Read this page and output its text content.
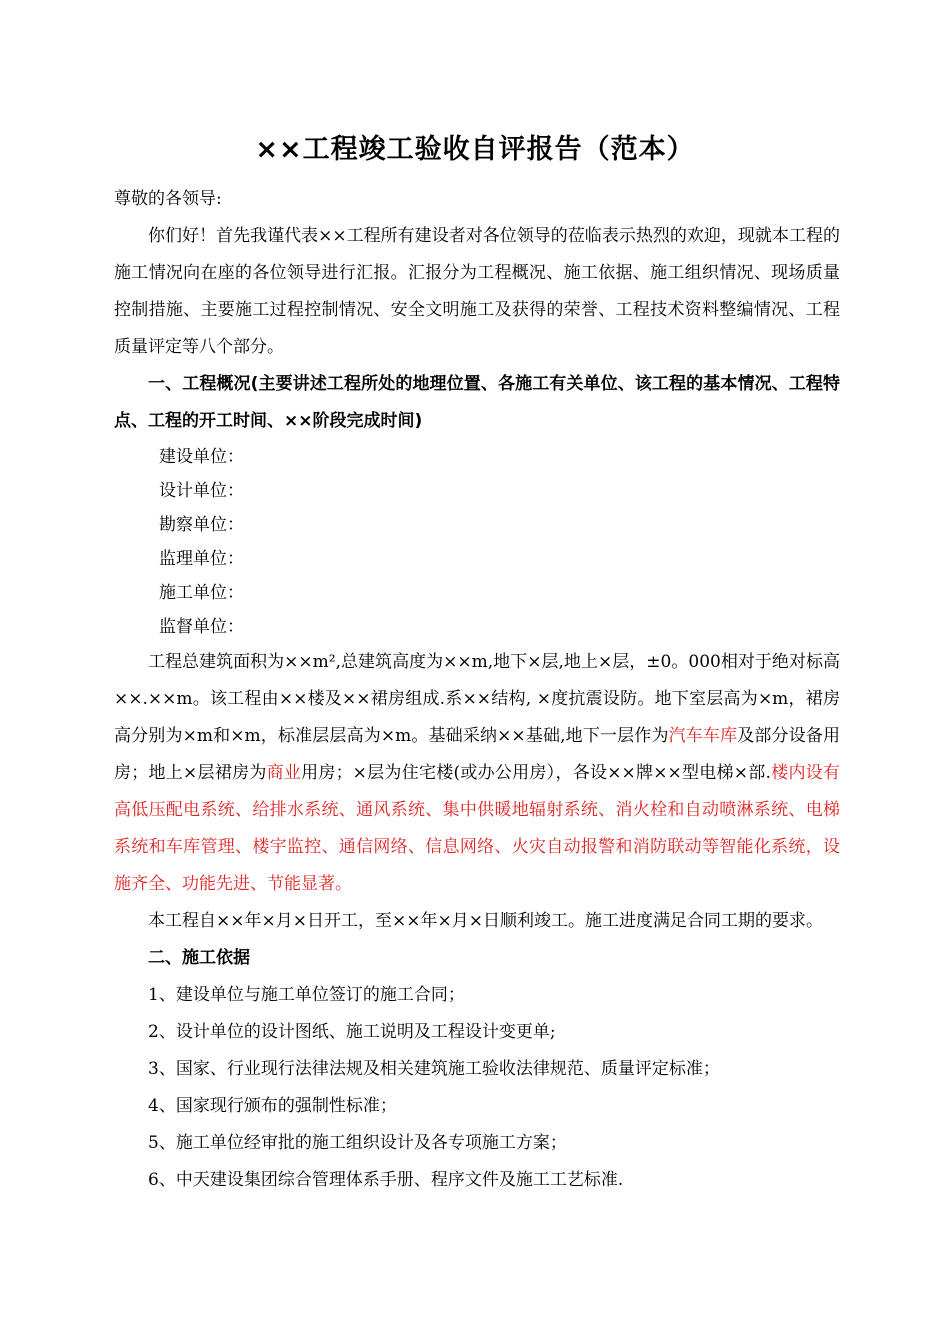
××工程竣工验收自评报告（范本）

尊敬的各领导:

你们好！首先我谨代表××工程所有建设者对各位领导的莅临表示热烈的欢迎，现就本工程的施工情况向在座的各位领导进行汇报。汇报分为工程概况、施工依据、施工组织情况、现场质量控制措施、主要施工过程控制情况、安全文明施工及获得的荣誉、工程技术资料整编情况、工程质量评定等八个部分。

一、工程概况(主要讲述工程所处的地理位置、各施工有关单位、该工程的基本情况、工程特点、工程的开工时间、××阶段完成时间)

建设单位：

设计单位：

勘察单位：

监理单位：

施工单位：

监督单位：

工程总建筑面积为××m²,总建筑高度为××m,地下×层,地上×层，±0。000相对于绝对标高××.××m。该工程由××楼及××裙房组成.系××结构, ×度抗震设防。地下室层高为×m，裙房高分别为×m和×m，标准层层高为×m。基础采纳××基础,地下一层作为汽车车库及部分设备用房；地上×层裙房为商业用房；×层为住宅楼(或办公用房），各设××牌××型电梯×部.楼内设有高低压配电系统、给排水系统、通风系统、集中供暖地辐射系统、消火栓和自动喷淋系统、电梯系统和车库管理、楼宇监控、通信网络、信息网络、火灾自动报警和消防联动等智能化系统，设施齐全、功能先进、节能显著。

本工程自××年×月×日开工，至××年×月×日顺利竣工。施工进度满足合同工期的要求。

二、施工依据

1、建设单位与施工单位签订的施工合同；

2、设计单位的设计图纸、施工说明及工程设计变更单;

3、国家、行业现行法律法规及相关建筑施工验收法律规范、质量评定标准；

4、国家现行颁布的强制性标准；

5、施工单位经审批的施工组织设计及各专项施工方案；

6、中天建设集团综合管理体系手册、程序文件及施工工艺标准.
